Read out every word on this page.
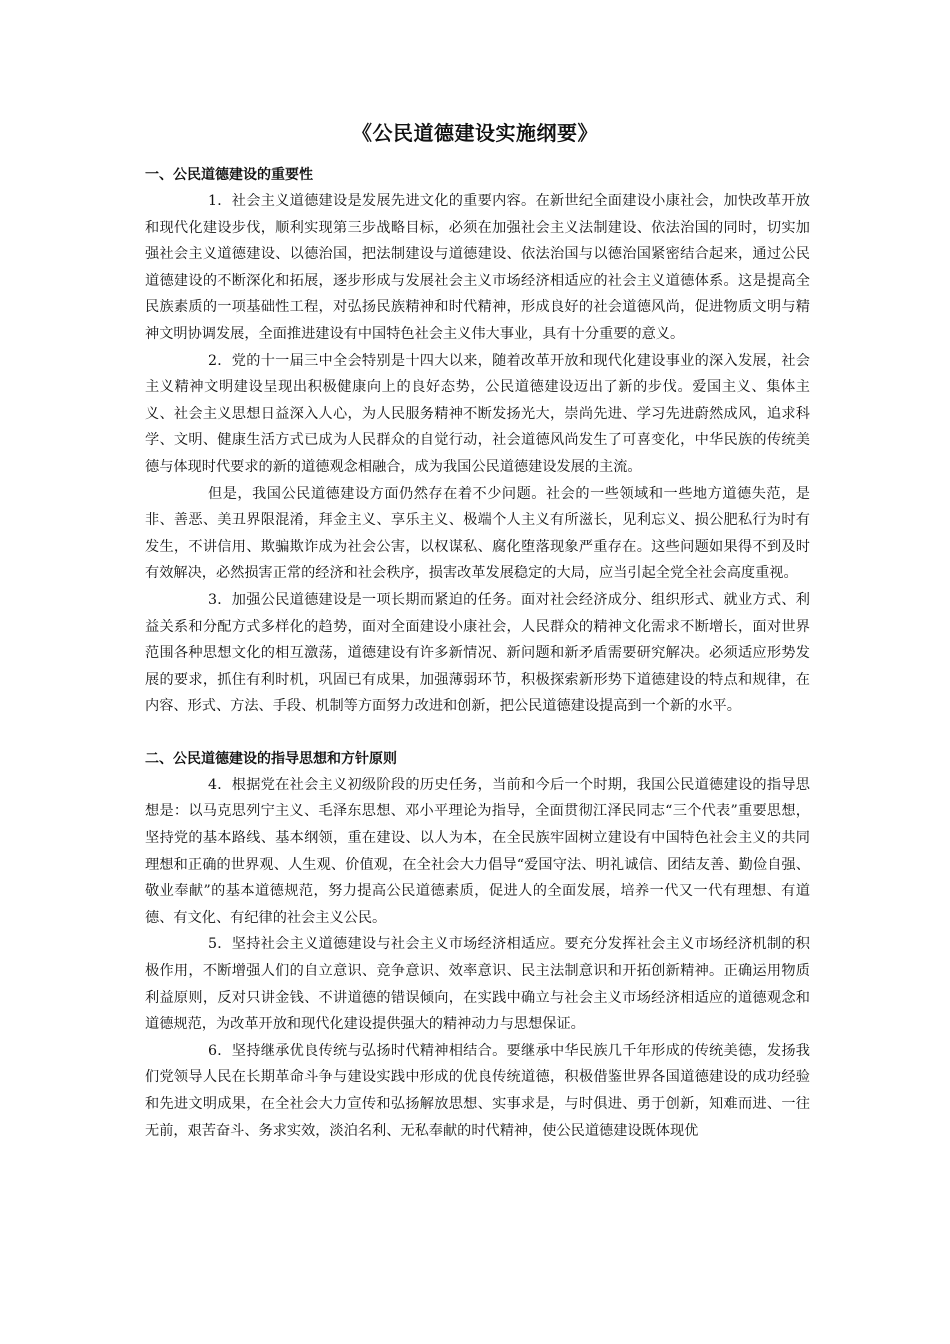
《公民道德建设实施纲要》
一、公民道德建设的重要性

1．社会主义道德建设是发展先进文化的重要内容。在新世纪全面建设小康社会，加快改革开放和现代化建设步伐，顺利实现第三步战略目标，必须在加强社会主义法制建设、依法治国的同时，切实加强社会主义道德建设、以德治国，把法制建设与道德建设、依法治国与以德治国紧密结合起来，通过公民道德建设的不断深化和拓展，逐步形成与发展社会主义市场经济相适应的社会主义道德体系。这是提高全民族素质的一项基础性工程，对弘扬民族精神和时代精神，形成良好的社会道德风尚，促进物质文明与精神文明协调发展，全面推进建设有中国特色社会主义伟大事业，具有十分重要的意义。

2．党的十一届三中全会特别是十四大以来，随着改革开放和现代化建设事业的深入发展，社会主义精神文明建设呈现出积极健康向上的良好态势，公民道德建设迈出了新的步伐。爱国主义、集体主义、社会主义思想日益深入人心，为人民服务精神不断发扬光大，崇尚先进、学习先进蔚然成风，追求科学、文明、健康生活方式已成为人民群众的自觉行动，社会道德风尚发生了可喜变化，中华民族的传统美德与体现时代要求的新的道德观念相融合，成为我国公民道德建设发展的主流。

但是，我国公民道德建设方面仍然存在着不少问题。社会的一些领域和一些地方道德失范，是非、善恶、美丑界限混淆，拜金主义、享乐主义、极端个人主义有所滋长，见利忘义、损公肥私行为时有发生，不讲信用、欺骗欺诈成为社会公害，以权谋私、腐化堕落现象严重存在。这些问题如果得不到及时有效解决，必然损害正常的经济和社会秩序，损害改革发展稳定的大局，应当引起全党全社会高度重视。

3．加强公民道德建设是一项长期而紧迫的任务。面对社会经济成分、组织形式、就业方式、利益关系和分配方式多样化的趋势，面对全面建设小康社会，人民群众的精神文化需求不断增长，面对世界范围各种思想文化的相互激荡，道德建设有许多新情况、新问题和新矛盾需要研究解决。必须适应形势发展的要求，抓住有利时机，巩固已有成果，加强薄弱环节，积极探索新形势下道德建设的特点和规律，在内容、形式、方法、手段、机制等方面努力改进和创新，把公民道德建设提高到一个新的水平。

二、公民道德建设的指导思想和方针原则

4．根据党在社会主义初级阶段的历史任务，当前和今后一个时期，我国公民道德建设的指导思想是：以马克思列宁主义、毛泽东思想、邓小平理论为指导，全面贯彻江泽民同志“三个代表”重要思想，坚持党的基本路线、基本纲领，重在建设、以人为本，在全民族牢固树立建设有中国特色社会主义的共同理想和正确的世界观、人生观、价值观，在全社会大力倡导“爱国守法、明礼诚信、团结友善、勤俭自强、敬业奉献”的基本道德规范，努力提高公民道德素质，促进人的全面发展，培养一代又一代有理想、有道德、有文化、有纪律的社会主义公民。

5．坚持社会主义道德建设与社会主义市场经济相适应。要充分发挥社会主义市场经济机制的积极作用，不断增强人们的自立意识、竞争意识、效率意识、民主法制意识和开拓创新精神。正确运用物质利益原则，反对只讲金钱、不讲道德的错误倾向，在实践中确立与社会主义市场经济相适应的道德观念和道德规范，为改革开放和现代化建设提供强大的精神动力与思想保证。

6．坚持继承优良传统与弘扬时代精神相结合。要继承中华民族几千年形成的传统美德，发扬我们党领导人民在长期革命斗争与建设实践中形成的优良传统道德，积极借鉴世界各国道德建设的成功经验和先进文明成果，在全社会大力宣传和弘扬解放思想、实事求是，与时俱进、勇于创新，知难而进、一往无前，艰苦奋斗、务求实效，淡泊名利、无私奉献的时代精神，使公民道德建设既体现优
